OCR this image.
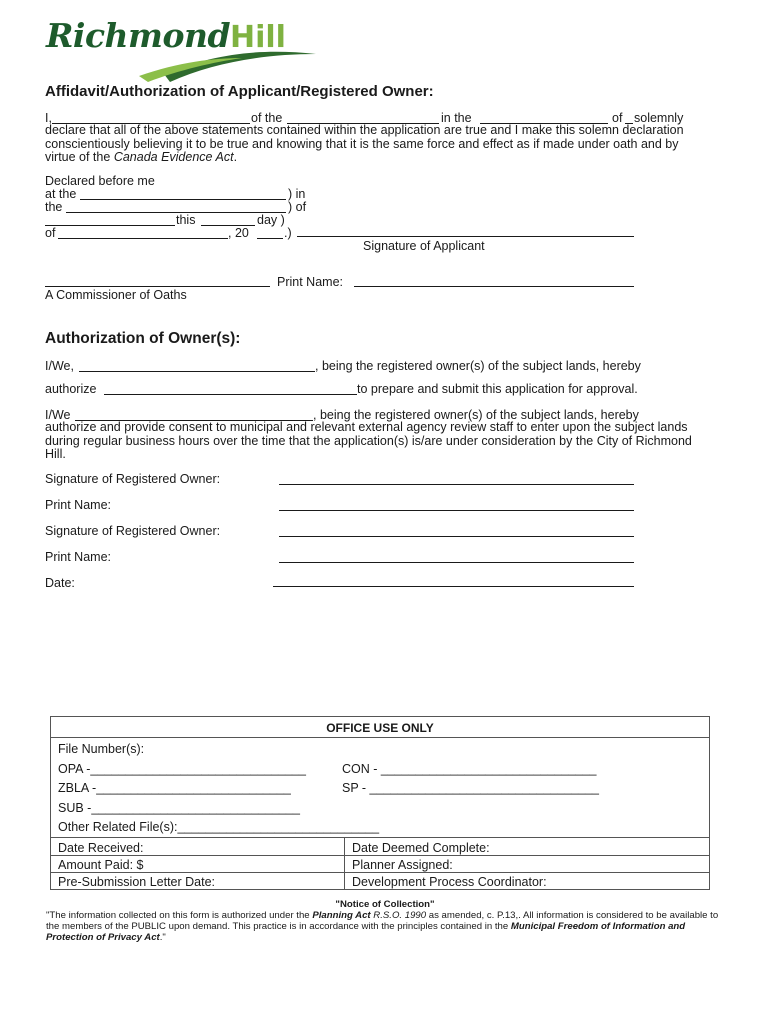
Richmond Hill
Affidavit/Authorization of Applicant/Registered Owner:
I,	of the	in the	of solemnly
declare that all of the above statements contained within the application are true and I make this solemn declaration conscientiously believing it to be true and knowing that it is the same force and effect as if made under oath and by virtue of the Canada Evidence Act.
Declared before me
at the	) in
the	) of
this	day )
of	, 20	.)
Signature of Applicant
Print Name:
A Commissioner of Oaths
Authorization of Owner(s):
I/We,	, being the registered owner(s) of the subject lands, hereby
authorize	to prepare and submit this application for approval.
I/We	, being the registered owner(s) of the subject lands, hereby
authorize and provide consent to municipal and relevant external agency review staff to enter upon the subject lands during regular business hours over the time that the application(s) is/are under consideration by the City of Richmond Hill.
Signature of Registered Owner:
Print Name:
Signature of Registered Owner:
Print Name:
Date:
OFFICE USE ONLY
File Number(s):
OPA -_______________________________	CON - _______________________________
ZBLA -____________________________	SP - _________________________________
SUB -______________________________
Other Related File(s):_____________________________
Date Received:	Date Deemed Complete:
Amount Paid: $	Planner Assigned:
Pre-Submission Letter Date:	Development Process Coordinator:
"Notice of Collection"
"The information collected on this form is authorized under the Planning Act R.S.O. 1990 as amended, c. P.13,. All information is considered to be available to the members of the PUBLIC upon demand. This practice is in accordance with the principles contained in the Municipal Freedom of Information and Protection of Privacy Act."
